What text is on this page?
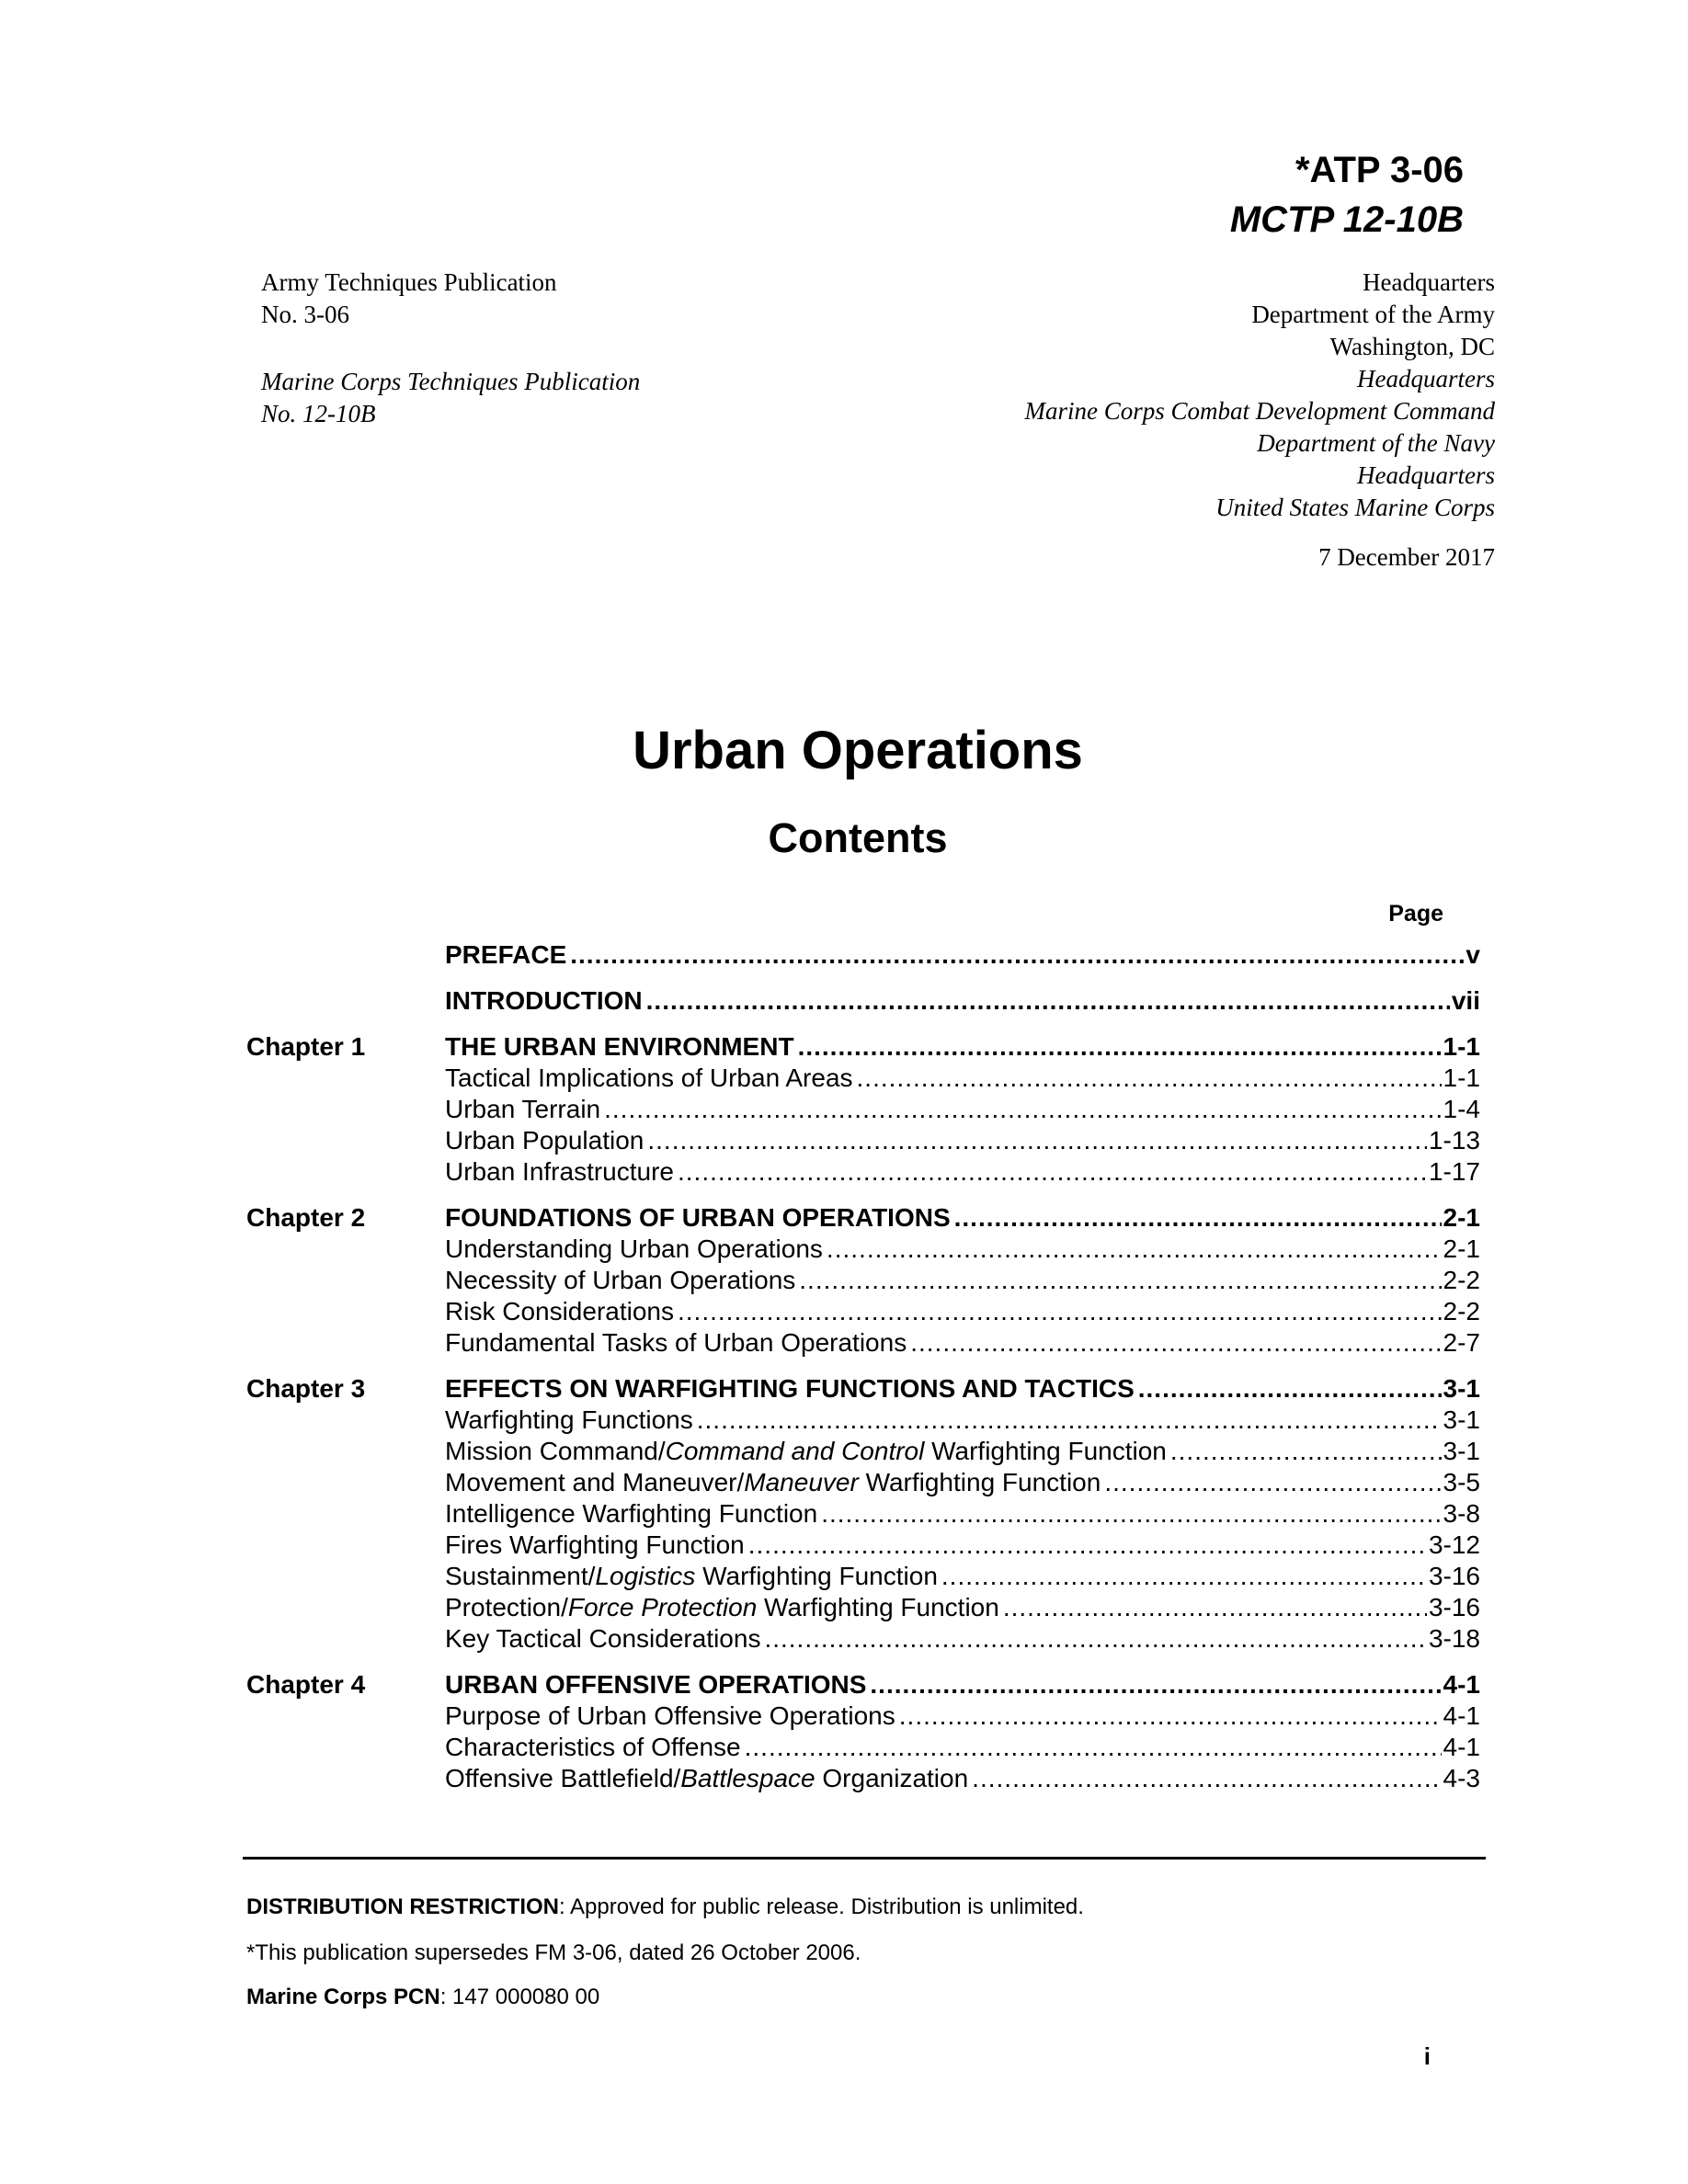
*ATP 3-06
MCTP 12-10B
Army Techniques Publication
No. 3-06
Marine Corps Techniques Publication
No. 12-10B
Headquarters
Department of the Army
Washington, DC
Headquarters
Marine Corps Combat Development Command
Department of the Navy
Headquarters
United States Marine Corps
7 December 2017
Urban Operations
Contents
Page
PREFACE .....	v
INTRODUCTION .....	vii
Chapter 1	THE URBAN ENVIRONMENT .....	1-1
Tactical Implications of Urban Areas .....	1-1
Urban Terrain .....	1-4
Urban Population .....	1-13
Urban Infrastructure .....	1-17
Chapter 2	FOUNDATIONS OF URBAN OPERATIONS .....	2-1
Understanding Urban Operations .....	2-1
Necessity of Urban Operations .....	2-2
Risk Considerations .....	2-2
Fundamental Tasks of Urban Operations .....	2-7
Chapter 3	EFFECTS ON WARFIGHTING FUNCTIONS AND TACTICS .....	3-1
Warfighting Functions .....	3-1
Mission Command/Command and Control Warfighting Function .....	3-1
Movement and Maneuver/Maneuver Warfighting Function .....	3-5
Intelligence Warfighting Function .....	3-8
Fires Warfighting Function .....	3-12
Sustainment/Logistics Warfighting Function .....	3-16
Protection/Force Protection Warfighting Function .....	3-16
Key Tactical Considerations .....	3-18
Chapter 4	URBAN OFFENSIVE OPERATIONS .....	4-1
Purpose of Urban Offensive Operations .....	4-1
Characteristics of Offense .....	4-1
Offensive Battlefield/Battlespace Organization .....	4-3
DISTRIBUTION RESTRICTION: Approved for public release. Distribution is unlimited.
*This publication supersedes FM 3-06, dated 26 October 2006.
Marine Corps PCN: 147 000080 00
i
